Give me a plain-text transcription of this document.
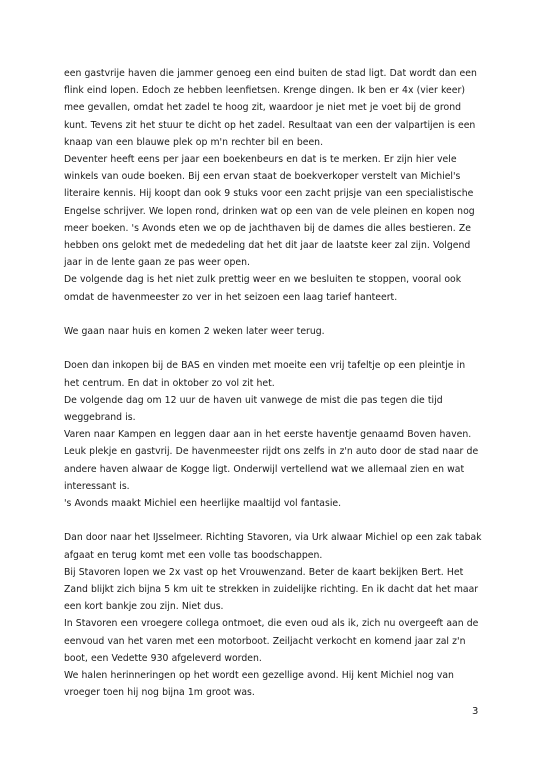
een gastvrije haven die jammer genoeg een eind buiten de stad ligt. Dat wordt dan een flink eind lopen. Edoch ze hebben leenfietsen. Krenge dingen. Ik ben er 4x (vier keer) mee gevallen, omdat het zadel te hoog zit, waardoor je niet met je voet bij de grond kunt. Tevens zit het stuur te dicht op het zadel. Resultaat van een der valpartijen is een knaap van een blauwe plek op m'n rechter bil en been.

Deventer heeft eens per jaar een boekenbeurs en dat is te merken. Er zijn hier vele winkels van oude boeken. Bij een ervan staat de boekverkoper verstelt van Michiel's literaire kennis. Hij koopt dan ook 9 stuks voor een zacht prijsje van een specialistische Engelse schrijver. We lopen rond, drinken wat op een van de vele pleinen en kopen nog meer boeken. 's Avonds eten we op de jachthaven bij de dames die alles bestieren. Ze hebben ons gelokt met de mededeling dat het dit jaar de laatste keer zal zijn. Volgend jaar in de lente gaan ze pas weer open.

De volgende dag is het niet zulk prettig weer en we besluiten te stoppen, vooral ook omdat de havenmeester zo ver in het seizoen een laag tarief hanteert.

We gaan naar huis en komen 2 weken later weer terug.

Doen dan inkopen bij de BAS en vinden met moeite een vrij tafeltje op een pleintje in het centrum. En dat in oktober zo vol zit het.

De volgende dag om 12 uur de haven uit vanwege de mist die pas tegen die tijd weggebrand is.

Varen naar Kampen en leggen daar aan in het eerste haventje genaamd Boven haven. Leuk plekje en gastvrij. De havenmeester rijdt ons zelfs in z'n auto door de stad naar de andere haven alwaar de Kogge ligt. Onderwijl vertellend wat we allemaal zien en wat interessant is.

's Avonds maakt Michiel een heerlijke maaltijd vol fantasie.

Dan door naar het IJsselmeer. Richting Stavoren, via Urk alwaar Michiel op een zak tabak afgaat en terug komt met een volle tas boodschappen.

Bij Stavoren lopen we 2x vast op het Vrouwenzand. Beter de kaart bekijken Bert. Het Zand blijkt zich bijna 5 km uit te strekken in zuidelijke richting. En ik dacht dat het maar een kort bankje zou zijn. Niet dus.

In Stavoren een vroegere collega ontmoet, die even oud als ik, zich nu overgeeft aan de eenvoud van het varen met een motorboot. Zeiljacht verkocht en komend jaar zal z'n boot, een Vedette 930 afgeleverd worden.

We halen herinneringen op het wordt een gezellige avond. Hij kent Michiel nog van vroeger toen hij nog bijna 1m groot was.

3
